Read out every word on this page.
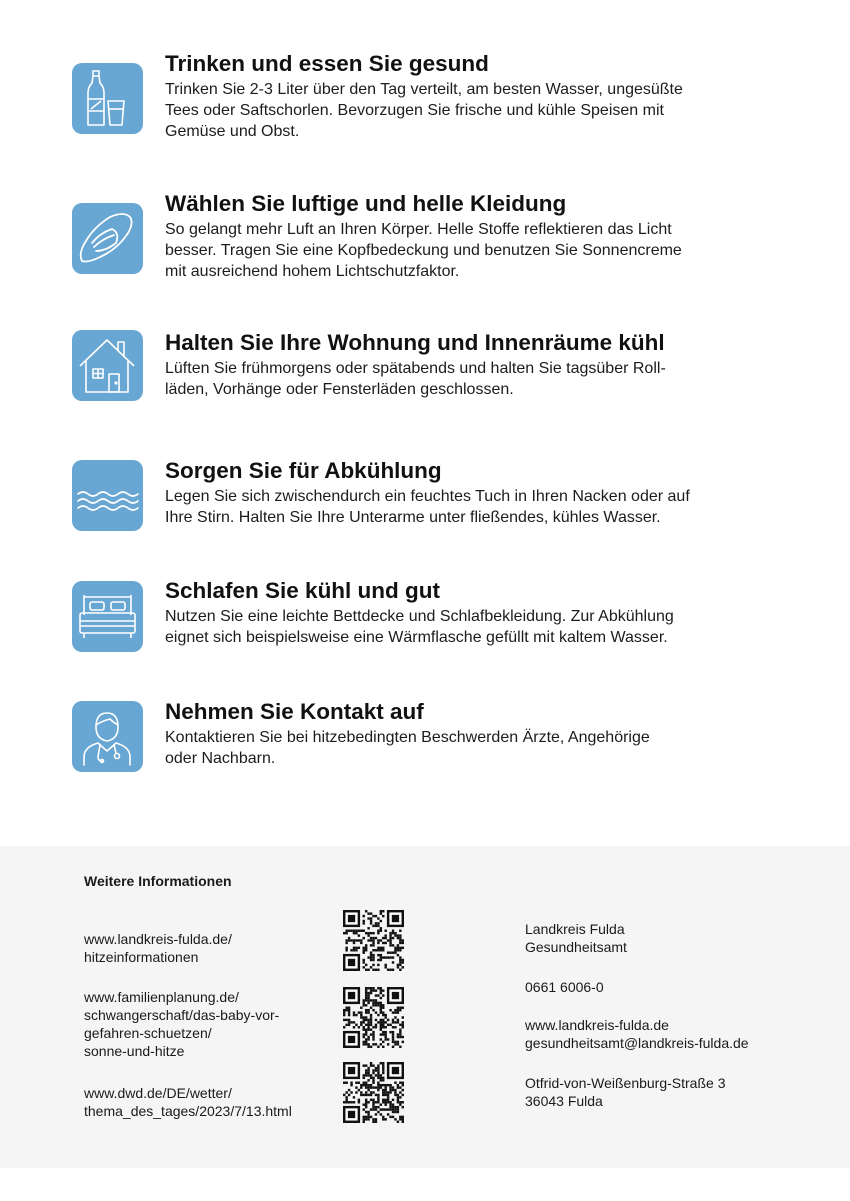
Trinken und essen Sie gesund

Trinken Sie 2-3 Liter über den Tag verteilt, am besten Wasser, ungesüßte
Tees oder Saftschorlen. Bevorzugen Sie frische und kühle Speisen mit
Gemüse und Obst.

Wählen Sie luftige und helle Kleidung

So gelangt mehr Luft an Ihren Körper. Helle Stoffe reflektieren das Licht
besser. Tragen Sie eine Kopfbedeckung und benutzen Sie Sonnencreme
mit ausreichend hohem Lichtschutzfaktor.

Halten Sie Ihre Wohnung und Innenräume kühl

Lüften Sie frühmorgens oder spätabends und halten Sie tagsüber Roll-
läden, Vorhänge oder Fensterläden geschlossen.

Sorgen Sie für Abkühlung

Legen Sie sich zwischendurch ein feuchtes Tuch in Ihren Nacken oder auf
Ihre Stirn. Halten Sie Ihre Unterarme unter fließendes, kühles Wasser.

Schlafen Sie kühl und gut

Nutzen Sie eine leichte Bettdecke und Schlafbekleidung. Zur Abkühlung
eignet sich beispielsweise eine Wärmflasche gefüllt mit kaltem Wasser.

Nehmen Sie Kontakt auf

Kontaktieren Sie bei hitzebedingten Beschwerden Ärzte, Angehörige
oder Nachbarn.

Weitere Informationen
www.landkreis-fulda.de/
hitzeinformationen
www.familienplanung.de/
schwangerschaft/das-baby-vor-
gefahren-schuetzen/
sonne-und-hitze
www.dwd.de/DE/wetter/
thema_des_tages/2023/7/13.html
Landkreis Fulda
Gesundheitsamt
0661 6006-0
www.landkreis-fulda.de
gesundheitsamt@landkreis-fulda.de
Otfrid-von-Weißenburg-Straße 3
36043 Fulda
